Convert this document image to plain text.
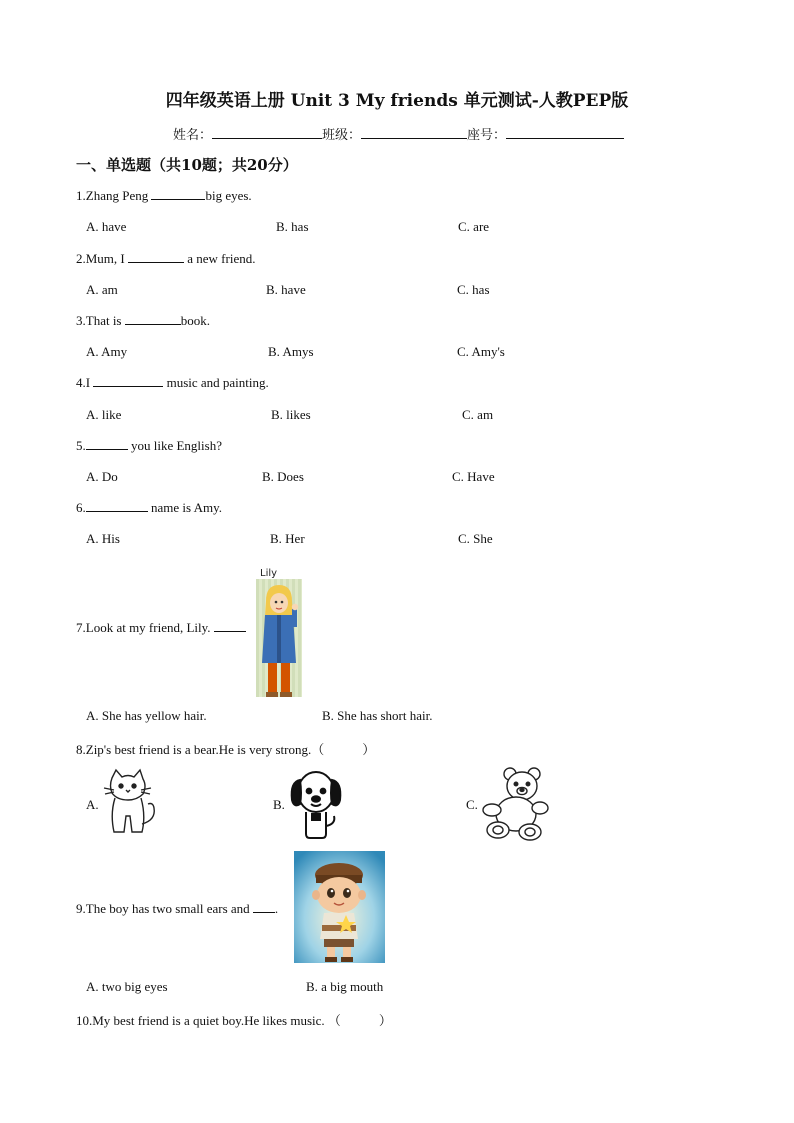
四年级英语上册 Unit 3 My friends 单元测试-人教PEP版
姓名：	班级：	座号：
一、单选题（共10题；共20分）
1.Zhang Peng	big eyes.
A. have	B. has	C. are
2.Mum, I	a new friend.
A. am	B. have	C. has
3.That is	book.
A. Amy	B. Amys	C. Amy's
4.I	music and painting.
A. like	B. likes	C. am
5.	you like English?
A. Do	B. Does	C. Have
6.	name is Amy.
A. His	B. Her	C. She
7.Look at my friend, Lily.
Lily
A. She has yellow hair.	B. She has short hair.
8.Zip's best friend is a bear.He is very strong.（	）
A.	B.	C.
9.The boy has two small ears and .
A. two big eyes	B. a big mouth
10.My best friend is a quiet boy.He likes music. （	）
